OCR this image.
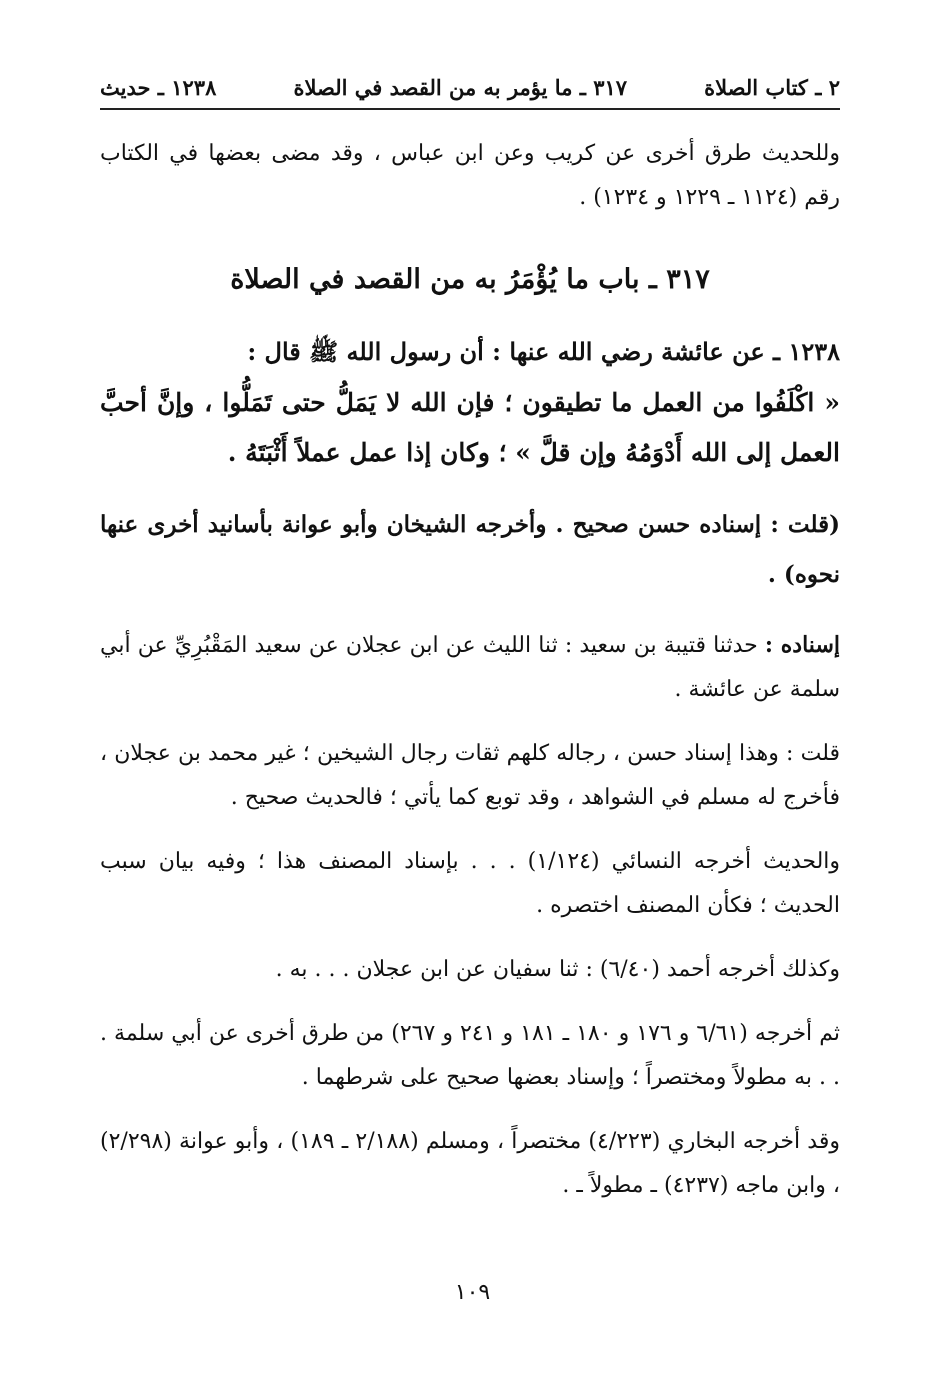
٢ ـ كتاب الصلاة
٣١٧ ـ ما يؤمر به من القصد في الصلاة
١٢٣٨ ـ حديث

وللحديث طرق أخرى عن كريب وعن ابن عباس ، وقد مضى بعضها في الكتاب رقم (١١٢٤ ـ ١٢٢٩ و ١٢٣٤) .

٣١٧ ـ باب ما يُؤْمَرُ به من القصد في الصلاة
١٢٣٨ ـ عن عائشة رضي الله عنها : أن رسول الله ﷺ قال :

« اكْلَفُوا من العمل ما تطيقون ؛ فإن الله لا يَمَلُّ حتى تَمَلُّوا ، وإنَّ أحبَّ العمل إلى الله أَدْوَمُهُ وإن قلَّ » ؛ وكان إذا عمل عملاً أَثْبَتَهُ .

(قلت : إسناده حسن صحيح . وأخرجه الشيخان وأبو عوانة بأسانيد أخرى عنها نحوه) .

إسناده : حدثنا قتيبة بن سعيد : ثنا الليث عن ابن عجلان عن سعيد المَقْبُرِيِّ عن أبي سلمة عن عائشة .

قلت : وهذا إسناد حسن ، رجاله كلهم ثقات رجال الشيخين ؛ غير محمد بن عجلان ، فأخرج له مسلم في الشواهد ، وقد توبع كما يأتي ؛ فالحديث صحيح .

والحديث أخرجه النسائي (١/١٢٤) . . . بإسناد المصنف هذا ؛ وفيه بيان سبب الحديث ؛ فكأن المصنف اختصره .

وكذلك أخرجه أحمد (٦/٤٠) : ثنا سفيان عن ابن عجلان . . . به .

ثم أخرجه (٦/٦١ و ١٧٦ و ١٨٠ ـ ١٨١ و ٢٤١ و ٢٦٧) من طرق أخرى عن أبي سلمة . . . به مطولاً ومختصراً ؛ وإسناد بعضها صحيح على شرطهما .

وقد أخرجه البخاري (٤/٢٢٣) مختصراً ، ومسلم (٢/١٨٨ ـ ١٨٩) ، وأبو عوانة (٢/٢٩٨) ، وابن ماجه (٤٢٣٧) ـ مطولاً ـ .

١٠٩
